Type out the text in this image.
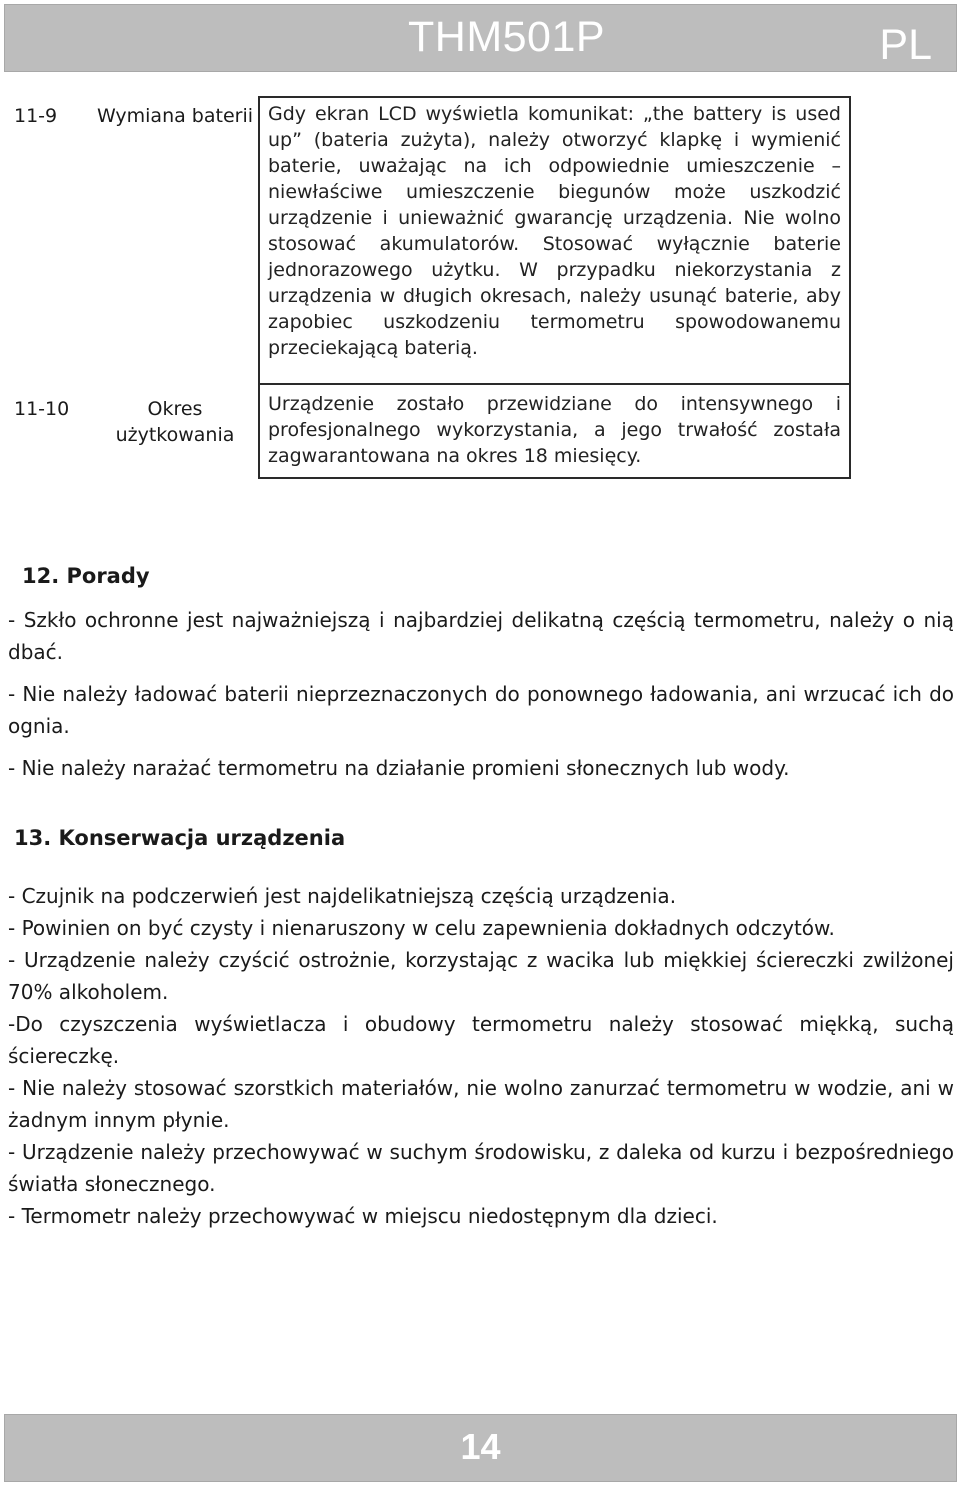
THM501P	PL
11-9	Wymiana baterii	Gdy ekran LCD wyświetla komunikat: „the battery is used up” (bateria zużyta), należy otworzyć klapkę i wymienić baterie, uważając na ich odpowiednie umieszczenie – niewłaściwe umieszczenie biegunów może uszkodzić urządzenie i unieważnić gwarancję urządzenia. Nie wolno stosować akumulatorów. Stosować wyłącznie baterie jednorazowego użytku. W przypadku niekorzystania z urządzenia w długich okresach, należy usunąć baterie, aby zapobiec uszkodzeniu termometru spowodowanemu przeciekającą baterią.

11-10	Okres użytkowania	Urządzenie zostało przewidziane do intensywnego i profesjonalnego wykorzystania, a jego trwałość została zagwarantowana na okres 18 miesięcy.
12. Porady

- Szkło ochronne jest najważniejszą i najbardziej delikatną częścią termometru, należy o nią dbać.

- Nie należy ładować baterii nieprzeznaczonych do ponownego ładowania, ani wrzucać ich do ognia.

- Nie należy narażać termometru na działanie promieni słonecznych lub wody.

13. Konserwacja urządzenia

- Czujnik na podczerwień jest najdelikatniejszą częścią urządzenia.

- Powinien on być czysty i nienaruszony w celu zapewnienia dokładnych odczytów.

- Urządzenie należy czyścić ostrożnie, korzystając z wacika lub miękkiej ściereczki zwilżonej 70% alkoholem.

-Do czyszczenia wyświetlacza i obudowy termometru należy stosować miękką, suchą ściereczkę.

- Nie należy stosować szorstkich materiałów, nie wolno zanurzać termometru w wodzie, ani w żadnym innym płynie.

- Urządzenie należy przechowywać w suchym środowisku, z daleka od kurzu i bezpośredniego światła słonecznego.

- Termometr należy przechowywać w miejscu niedostępnym dla dzieci.

14
